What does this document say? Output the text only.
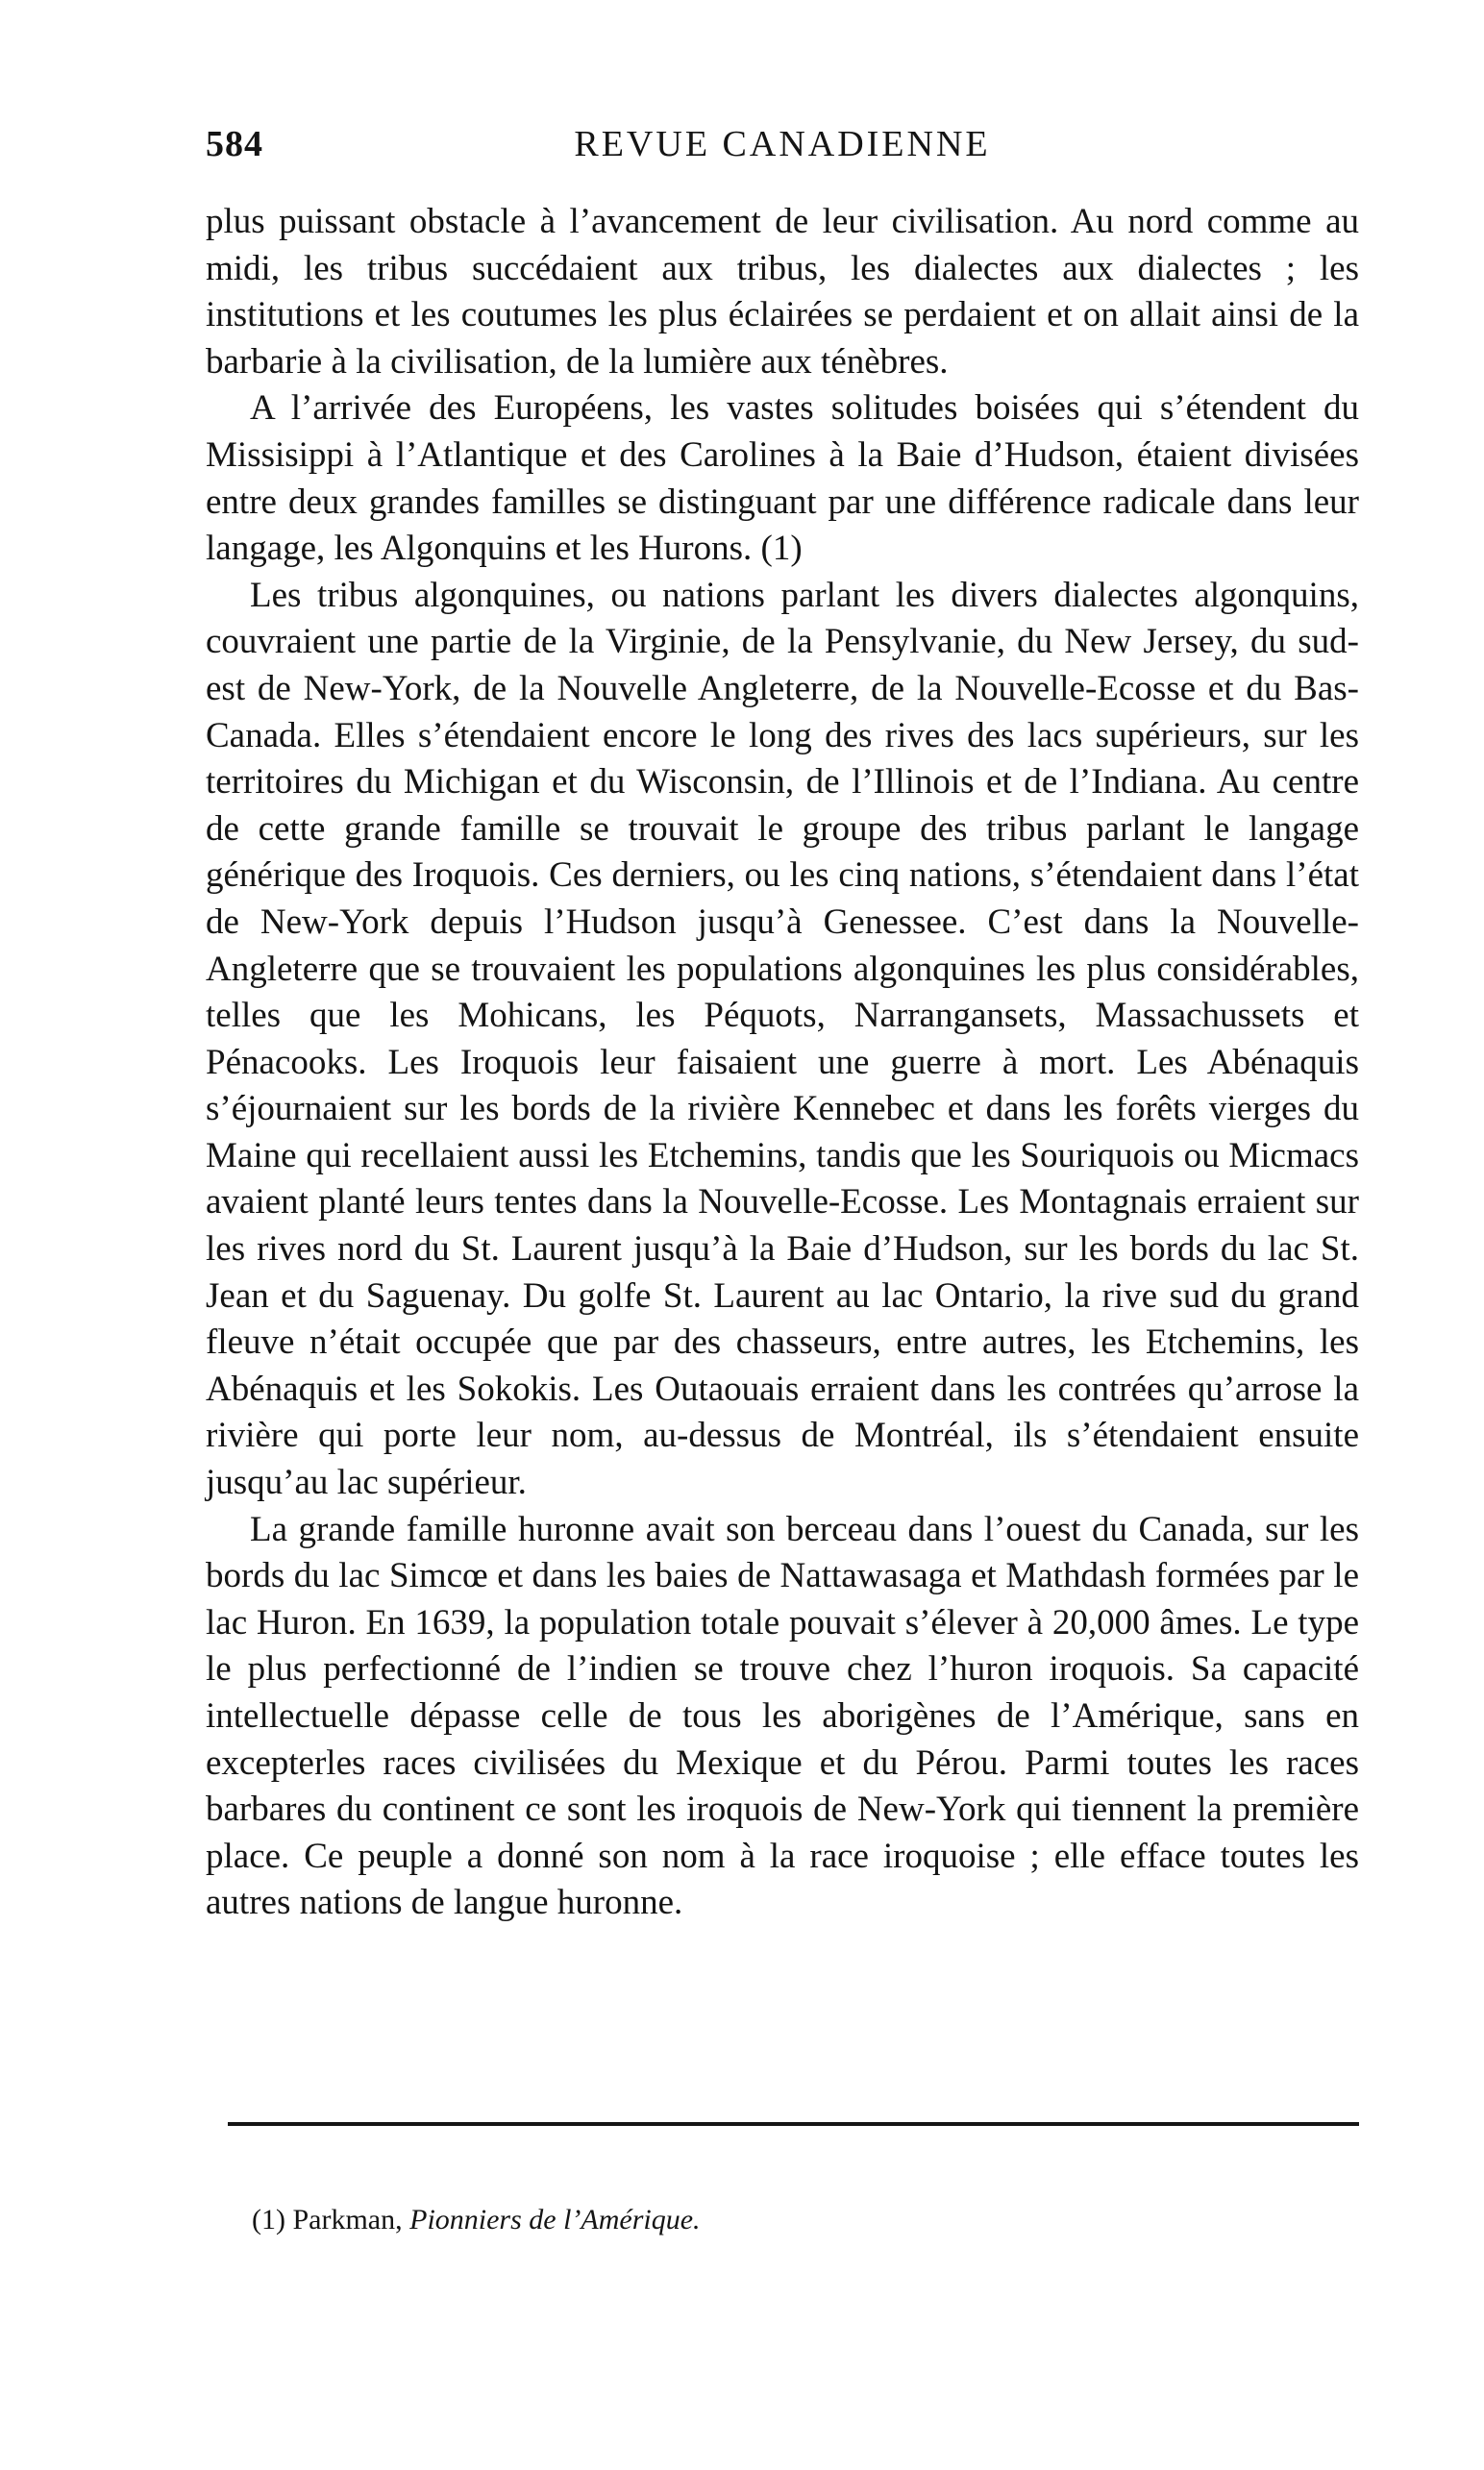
584	REVUE CANADIENNE

plus puissant obstacle à l’avancement de leur civilisation. Au nord comme au midi, les tribus succédaient aux tribus, les dialectes aux dialectes ; les institutions et les coutumes les plus éclairées se perdaient et on allait ainsi de la barbarie à la civilisation, de la lumière aux ténèbres.

A l’arrivée des Européens, les vastes solitudes boisées qui s’étendent du Missisippi à l’Atlantique et des Carolines à la Baie d’Hudson, étaient divisées entre deux grandes familles se distinguant par une différence radicale dans leur langage, les Algonquins et les Hurons. (1)

Les tribus algonquines, ou nations parlant les divers dialectes algonquins, couvraient une partie de la Virginie, de la Pensylvanie, du New Jersey, du sud-est de New-York, de la Nouvelle Angleterre, de la Nouvelle-Ecosse et du Bas-Canada. Elles s’étendaient encore le long des rives des lacs supérieurs, sur les territoires du Michigan et du Wisconsin, de l’Illinois et de l’Indiana. Au centre de cette grande famille se trouvait le groupe des tribus parlant le langage générique des Iroquois. Ces derniers, ou les cinq nations, s’étendaient dans l’état de New-York depuis l’Hudson jusqu’à Genessee. C’est dans la Nouvelle-Angleterre que se trouvaient les populations algonquines les plus considérables, telles que les Mohicans, les Péquots, Narrangansets, Massachussets et Pénacooks. Les Iroquois leur faisaient une guerre à mort. Les Abénaquis s’éjournaient sur les bords de la rivière Kennebec et dans les forêts vierges du Maine qui recellaient aussi les Etchemins, tandis que les Souriquois ou Micmacs avaient planté leurs tentes dans la Nouvelle-Ecosse. Les Montagnais erraient sur les rives nord du St. Laurent jusqu’à la Baie d’Hudson, sur les bords du lac St. Jean et du Saguenay. Du golfe St. Laurent au lac Ontario, la rive sud du grand fleuve n’était occupée que par des chasseurs, entre autres, les Etchemins, les Abénaquis et les Sokokis. Les Outaouais erraient dans les contrées qu’arrose la rivière qui porte leur nom, au-dessus de Montréal, ils s’étendaient ensuite jusqu’au lac supérieur.

La grande famille huronne avait son berceau dans l’ouest du Canada, sur les bords du lac Simcœ et dans les baies de Nattawasaga et Mathdash formées par le lac Huron. En 1639, la population totale pouvait s’élever à 20,000 âmes. Le type le plus perfectionné de l’indien se trouve chez l’huron iroquois. Sa capacité intellectuelle dépasse celle de tous les aborigènes de l’Amérique, sans en excepterles races civilisées du Mexique et du Pérou. Parmi toutes les races barbares du continent ce sont les iroquois de New-York qui tiennent la première place. Ce peuple a donné son nom à la race iroquoise ; elle efface toutes les autres nations de langue huronne.

(1) Parkman, Pionniers de l’Amérique.
